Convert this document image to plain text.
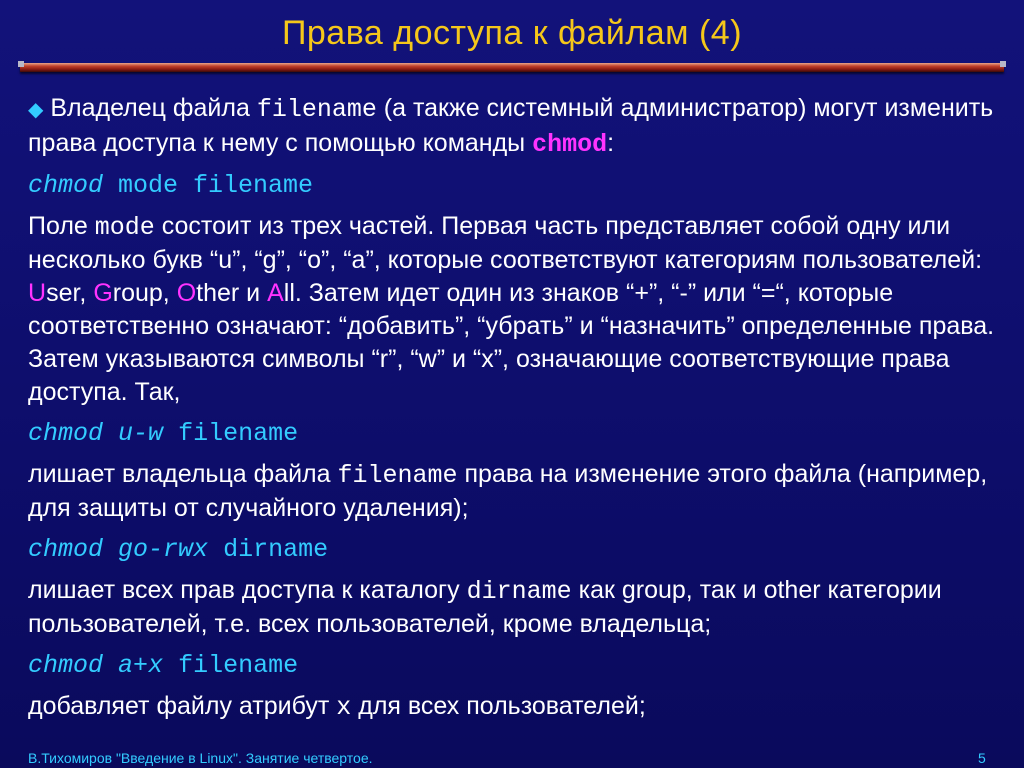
Права доступа к файлам (4)

◆ Владелец файла filename (а также системный администратор) могут изменить права доступа к нему с помощью команды chmod:

chmod mode filename

Поле mode состоит из трех частей. Первая часть представляет собой одну или несколько букв “u”, “g”, “o”, “a”, которые соответствуют категориям пользователей: User, Group, Other и All. Затем идет один из знаков “+”, “-” или “=“, которые соответственно означают: “добавить”, “убрать” и “назначить” определенные права. Затем указываются символы “r”, “w” и “x”, означающие соответствующие права доступа. Так,

chmod u-w filename

лишает владельца файла filename права на изменение этого файла (например, для защиты от случайного удаления);

chmod go-rwx dirname

лишает всех прав доступа к каталогу dirname как group, так и other категории пользователей, т.е. всех пользователей, кроме владельца;

chmod a+x filename

добавляет файлу атрибут x для всех пользователей;

В.Тихомиров "Введение в Linux". Занятие четвертое.	5
